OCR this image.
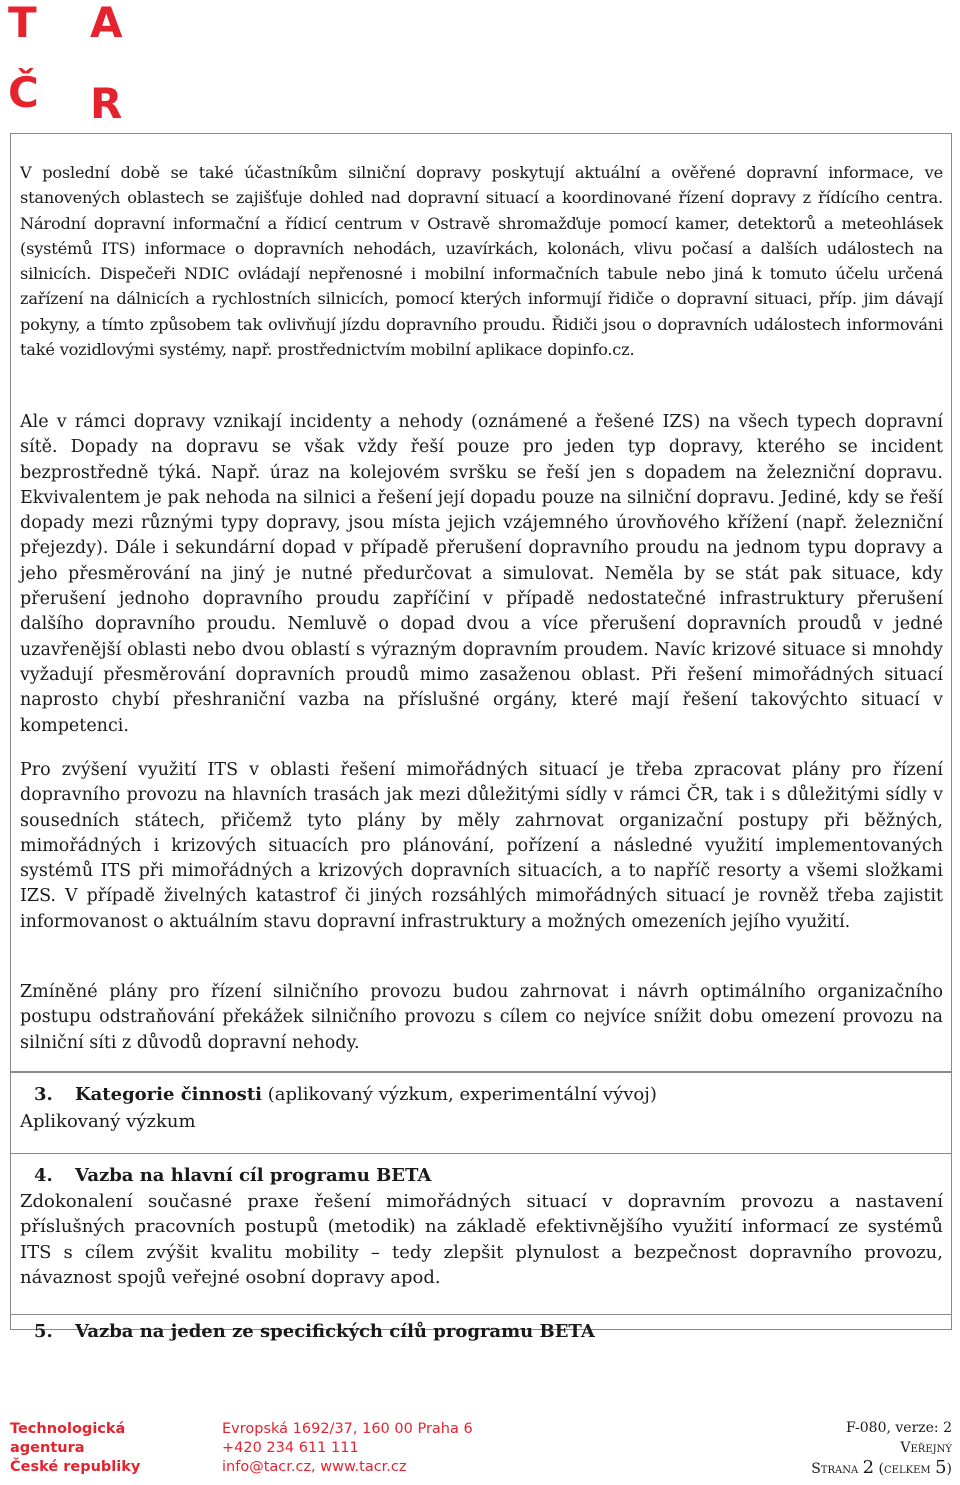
T A
Č R

V poslední době se také účastníkům silniční dopravy poskytují aktuální a ověřené dopravní informace, ve stanovených oblastech se zajišťuje dohled nad dopravní situací a koordinované řízení dopravy z řídícího centra. Národní dopravní informační a řídicí centrum v Ostravě shromažďuje pomocí kamer, detektorů a meteohlásek (systémů ITS) informace o dopravních nehodách, uzavírkách, kolonách, vlivu počasí a dalších událostech na silnicích. Dispečeři NDIC ovládají nepřenosné i mobilní informačních tabule nebo jiná k tomuto účelu určená zařízení na dálnicích a rychlostních silnicích, pomocí kterých informují řidiče o dopravní situaci, příp. jim dávají pokyny, a tímto způsobem tak ovlivňují jízdu dopravního proudu. Řidiči jsou o dopravních událostech informováni také vozidlovými systémy, např. prostřednictvím mobilní aplikace dopinfo.cz.

Ale v rámci dopravy vznikají incidenty a nehody (oznámené a řešené IZS) na všech typech dopravní sítě. Dopady na dopravu se však vždy řeší pouze pro jeden typ dopravy, kterého se incident bezprostředně týká. Např. úraz na kolejovém svršku se řeší jen s dopadem na železniční dopravu. Ekvivalentem je pak nehoda na silnici a řešení její dopadu pouze na silniční dopravu. Jediné, kdy se řeší dopady mezi různými typy dopravy, jsou místa jejich vzájemného úrovňového křížení (např. železniční přejezdy). Dále i sekundární dopad v případě přerušení dopravního proudu na jednom typu dopravy a jeho přesměrování na jiný je nutné předurčovat a simulovat. Neměla by se stát pak situace, kdy přerušení jednoho dopravního proudu zapříčiní v případě nedostatečné infrastruktury přerušení dalšího dopravního proudu. Nemluvě o dopad dvou a více přerušení dopravních proudů v jedné uzavřenější oblasti nebo dvou oblastí s výrazným dopravním proudem. Navíc krizové situace si mnohdy vyžadují přesměrování dopravních proudů mimo zasaženou oblast. Při řešení mimořádných situací naprosto chybí přeshraniční vazba na příslušné orgány, které mají řešení takovýchto situací v kompetenci.

Pro zvýšení využití ITS v oblasti řešení mimořádných situací je třeba zpracovat plány pro řízení dopravního provozu na hlavních trasách jak mezi důležitými sídly v rámci ČR, tak i s důležitými sídly v sousedních státech, přičemž tyto plány by měly zahrnovat organizační postupy při běžných, mimořádných i krizových situacích pro plánování, pořízení a následné využití implementovaných systémů ITS při mimořádných a krizových dopravních situacích, a to napříč resorty a všemi složkami IZS. V případě živelných katastrof či jiných rozsáhlých mimořádných situací je rovněž třeba zajistit informovanost o aktuálním stavu dopravní infrastruktury a možných omezeních jejího využití.

Zmíněné plány pro řízení silničního provozu budou zahrnovat i návrh optimálního organizačního postupu odstraňování překážek silničního provozu s cílem co nejvíce snížit dobu omezení provozu na silniční síti z důvodů dopravní nehody.

3. Kategorie činnosti (aplikovaný výzkum, experimentální vývoj)
Aplikovaný výzkum
4. Vazba na hlavní cíl programu BETA

Zdokonalení současné praxe řešení mimořádných situací v dopravním provozu a nastavení příslušných pracovních postupů (metodik) na základě efektivnějšího využití informací ze systémů ITS s cílem zvýšit kvalitu mobility – tedy zlepšit plynulost a bezpečnost dopravního provozu, návaznost spojů veřejné osobní dopravy apod.

5. Vazba na jeden ze specifických cílů programu BETA
Technologická
agentura
České republiky
Evropská 1692/37, 160 00 Praha 6
+420 234 611 111
info@tacr.cz, www.tacr.cz
F-080, verze: 2
Veřejný
Strana 2 (celkem 5)
